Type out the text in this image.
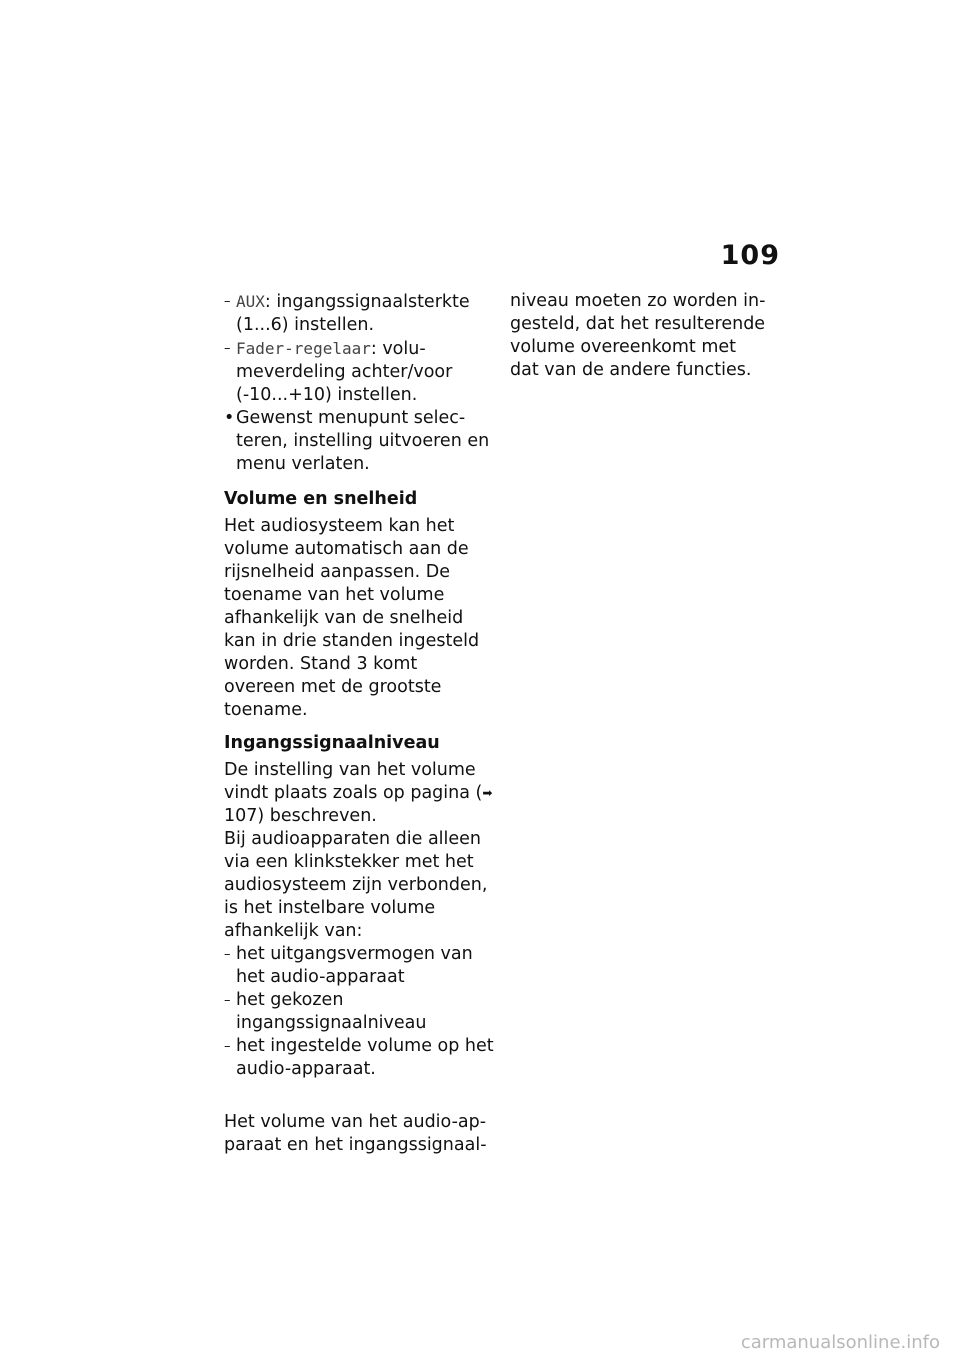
109

– AUX: ingangssignaalsterkte (1...6) instellen.

– Fader-regelaar: volumeverdeling achter/voor (-10...+10) instellen.

• Gewenst menupunt selecteren, instelling uitvoeren en menu verlaten.

Volume en snelheid

Het audiosysteem kan het volume automatisch aan de rijsnelheid aanpassen. De toename van het volume afhankelijk van de snelheid kan in drie standen ingesteld worden. Stand 3 komt overeen met de grootste toename.

Ingangssignaalniveau

De instelling van het volume vindt plaats zoals op pagina (➡ 107) beschreven.

Bij audioapparaten die alleen via een klinkstekker met het audiosysteem zijn verbonden, is het instelbare volume afhankelijk van:

– het uitgangsvermogen van het audio-apparaat

– het gekozen ingangssignaalniveau

– het ingestelde volume op het audio-apparaat.

Het volume van het audio-apparaat en het ingangssignaal-

niveau moeten zo worden ingesteld, dat het resulterende volume overeenkomt met dat van de andere functies.

carmanualsonline.info
